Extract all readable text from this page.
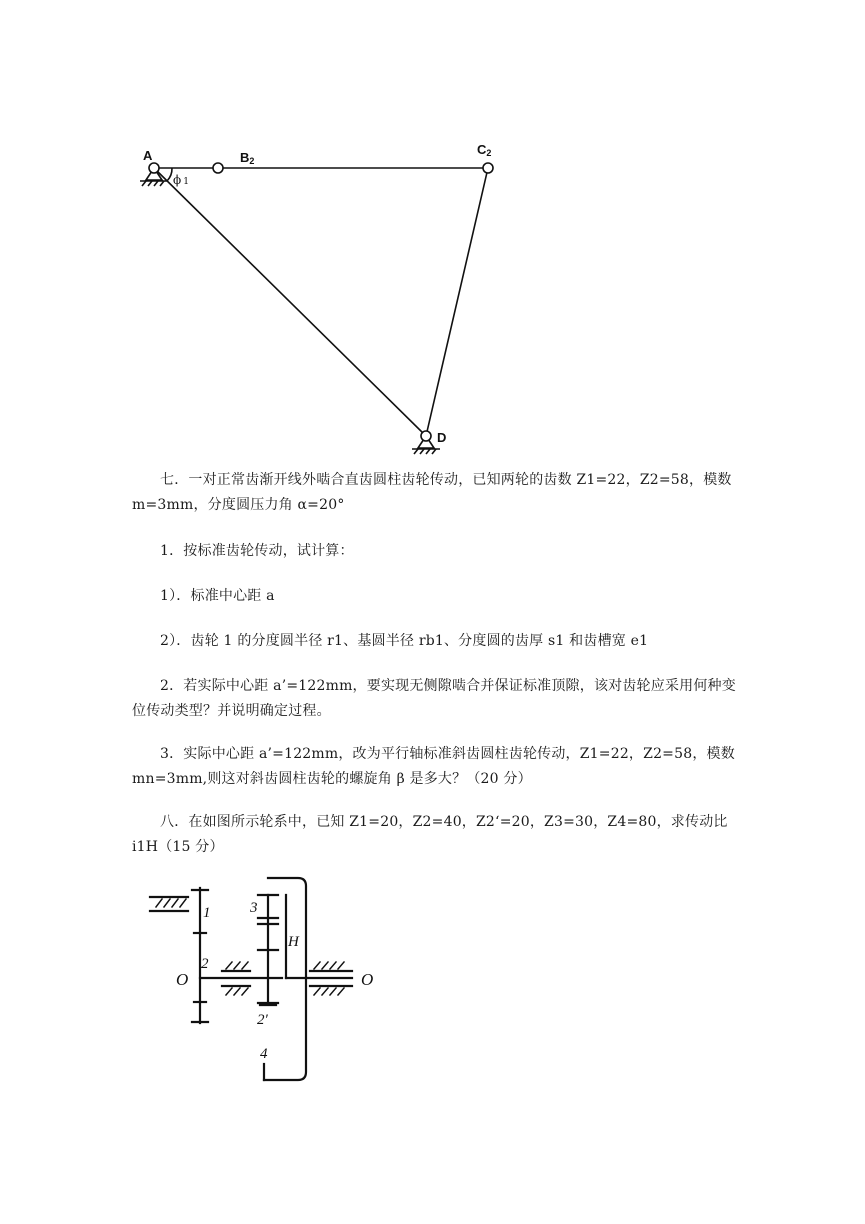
A	B2
C2
D
ϕ 1

七．一对正常齿渐开线外啮合直齿圆柱齿轮传动，已知两轮的齿数 Z1=22，Z2=58，模数 m=3mm，分度圆压力角 α=20°

1．按标准齿轮传动，试计算：

1）．标准中心距 a

2）．齿轮 1 的分度圆半径 r1、基圆半径 rb1、分度圆的齿厚 s1 和齿槽宽 e1

2．若实际中心距 a’=122mm，要实现无侧隙啮合并保证标准顶隙，该对齿轮应采用何种变位传动类型？并说明确定过程。

3．实际中心距 a’=122mm，改为平行轴标准斜齿圆柱齿轮传动，Z1=22，Z2=58，模数 mn=3mm,则这对斜齿圆柱齿轮的螺旋角 β 是多大？（20 分）

八．在如图所示轮系中，已知 Z1=20，Z2=40，Z2‘=20，Z3=30，Z4=80，求传动比 i1H（15 分）

1
2
2′
3
4
H
O	O
